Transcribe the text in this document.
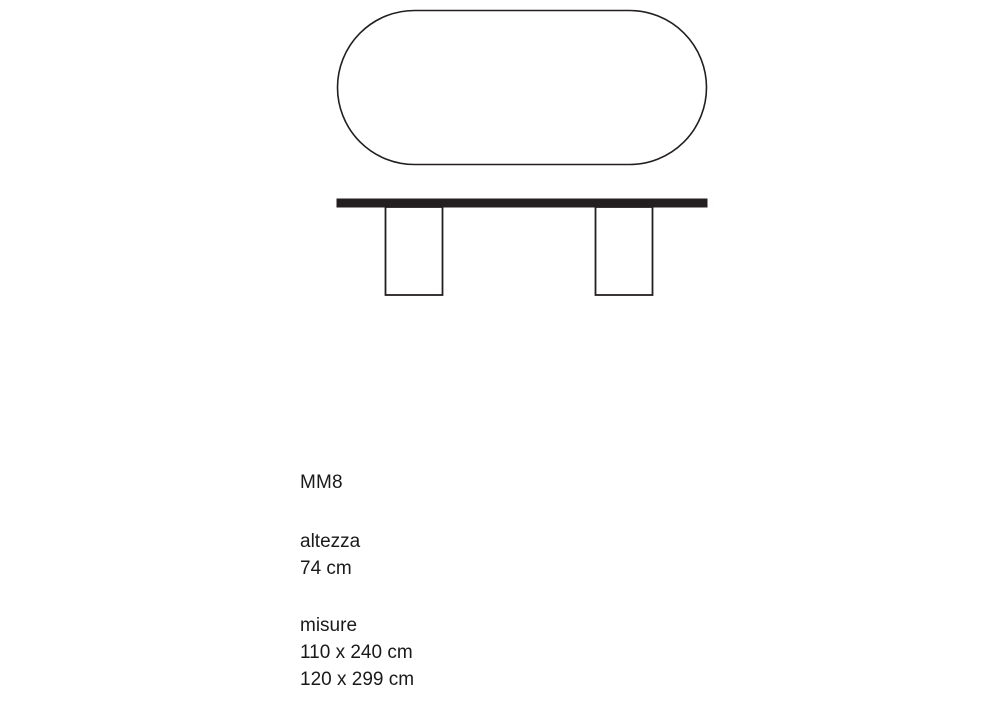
MM8

altezza

74 cm

misure

110 x 240 cm

120 x 299 cm
